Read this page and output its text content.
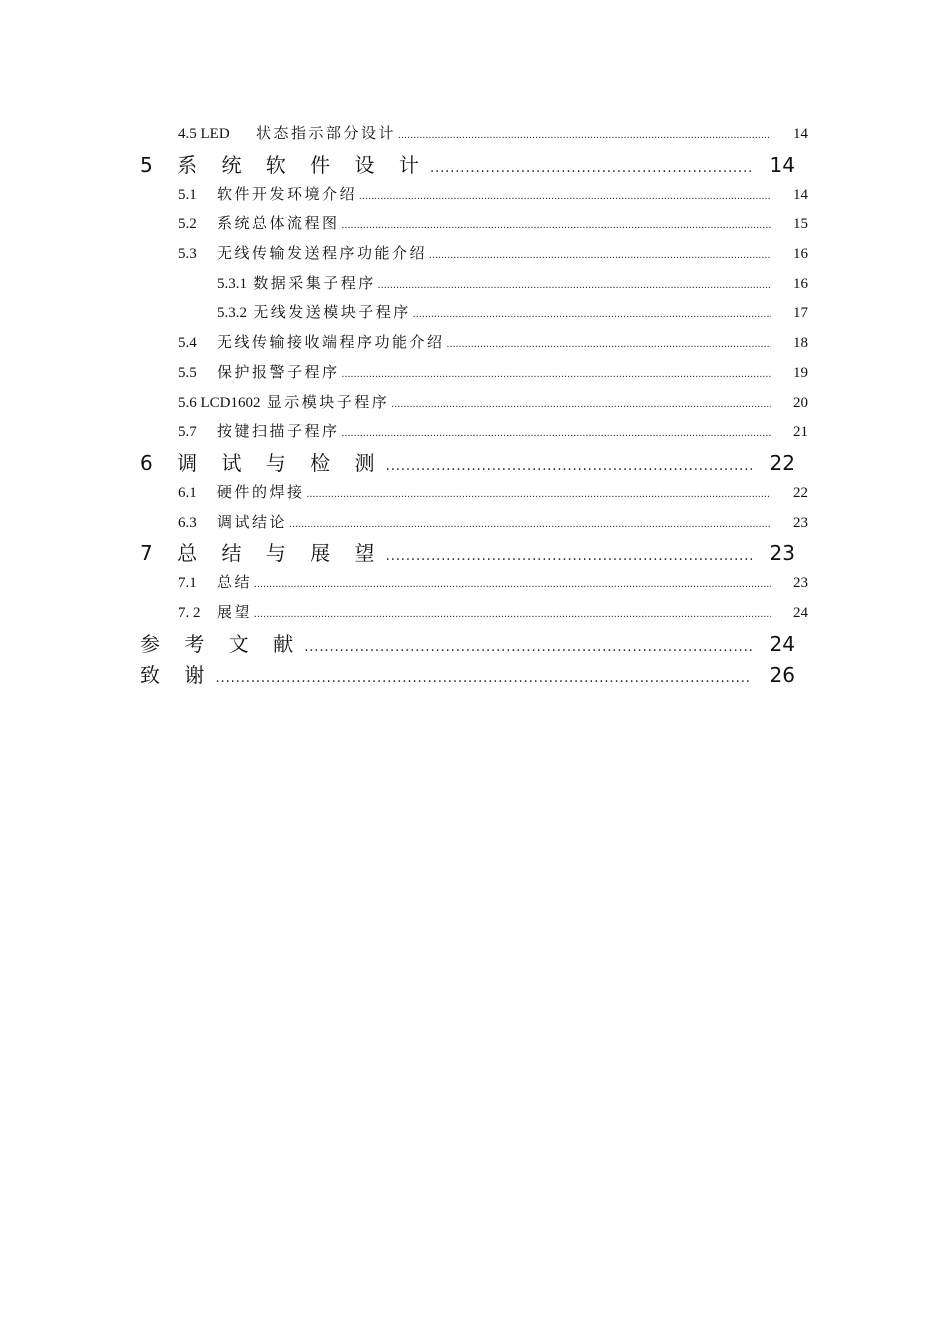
4.5 LED 状态指示部分设计 .....	14
5 系 统 软 件 设 计 .....	14
5.1 软件开发环境介绍 .....	14
5.2 系统总体流程图 .....	15
5.3 无线传输发送程序功能介绍 .....	16
5.3.1 数据采集子程序 .....	16
5.3.2 无线发送模块子程序 .....	17
5.4 无线传输接收端程序功能介绍 .....	18
5.5 保护报警子程序 .....	19
5.6 LCD1602 显示模块子程序 .....	20
5.7 按键扫描子程序 .....	21
6 调 试 与 检 测 .....	22
6.1 硬件的焊接 .....	22
6.3 调试结论 .....	23
7 总 结 与 展 望 .....	23
7.1 总结 .....	23
7. 2 展望 .....	24
参 考 文 献 .....	24
致 谢 .....	26
